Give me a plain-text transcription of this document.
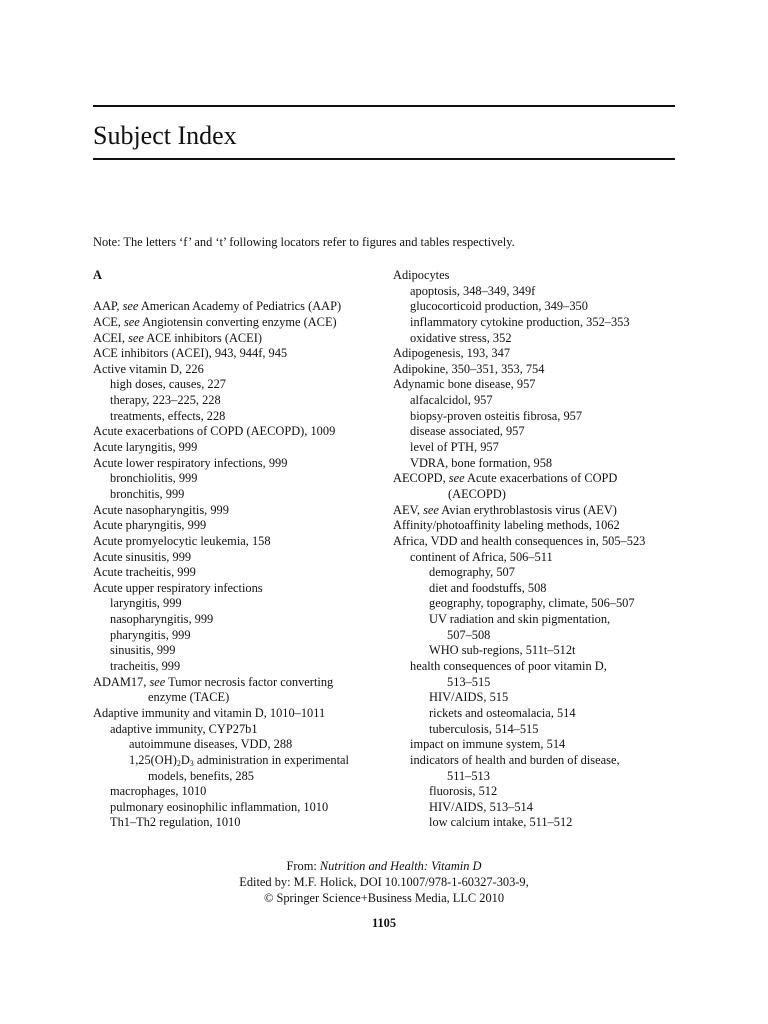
Subject Index
Note: The letters ‘f’ and ‘t’ following locators refer to figures and tables respectively.
A
AAP, see American Academy of Pediatrics (AAP)
ACE, see Angiotensin converting enzyme (ACE)
ACEI, see ACE inhibitors (ACEI)
ACE inhibitors (ACEI), 943, 944f, 945
Active vitamin D, 226
high doses, causes, 227
therapy, 223–225, 228
treatments, effects, 228
Acute exacerbations of COPD (AECOPD), 1009
Acute laryngitis, 999
Acute lower respiratory infections, 999
bronchiolitis, 999
bronchitis, 999
Acute nasopharyngitis, 999
Acute pharyngitis, 999
Acute promyelocytic leukemia, 158
Acute sinusitis, 999
Acute tracheitis, 999
Acute upper respiratory infections
laryngitis, 999
nasopharyngitis, 999
pharyngitis, 999
sinusitis, 999
tracheitis, 999
ADAM17, see Tumor necrosis factor converting
enzyme (TACE)
Adaptive immunity and vitamin D, 1010–1011
adaptive immunity, CYP27b1
autoimmune diseases, VDD, 288
$1,25(OH)_2D_3$ administration in experimental
models, benefits, 285
macrophages, 1010
pulmonary eosinophilic inflammation, 1010
Th1–Th2 regulation, 1010
Adipocytes
apoptosis, 348–349, 349f
glucocorticoid production, 349–350
inflammatory cytokine production, 352–353
oxidative stress, 352
Adipogenesis, 193, 347
Adipokine, 350–351, 353, 754
Adynamic bone disease, 957
alfacalcidol, 957
biopsy-proven osteitis fibrosa, 957
disease associated, 957
level of PTH, 957
VDRA, bone formation, 958
AECOPD, see Acute exacerbations of COPD
(AECOPD)
AEV, see Avian erythroblastosis virus (AEV)
Affinity/photoaffinity labeling methods, 1062
Africa, VDD and health consequences in, 505–523
continent of Africa, 506–511
demography, 507
diet and foodstuffs, 508
geography, topography, climate, 506–507
UV radiation and skin pigmentation,
507–508
WHO sub-regions, 511t–512t
health consequences of poor vitamin D,
513–515
HIV/AIDS, 515
rickets and osteomalacia, 514
tuberculosis, 514–515
impact on immune system, 514
indicators of health and burden of disease,
511–513
fluorosis, 512
HIV/AIDS, 513–514
low calcium intake, 511–512
From: Nutrition and Health: Vitamin D
Edited by: M.F. Holick, DOI 10.1007/978-1-60327-303-9,
© Springer Science+Business Media, LLC 2010
1105
